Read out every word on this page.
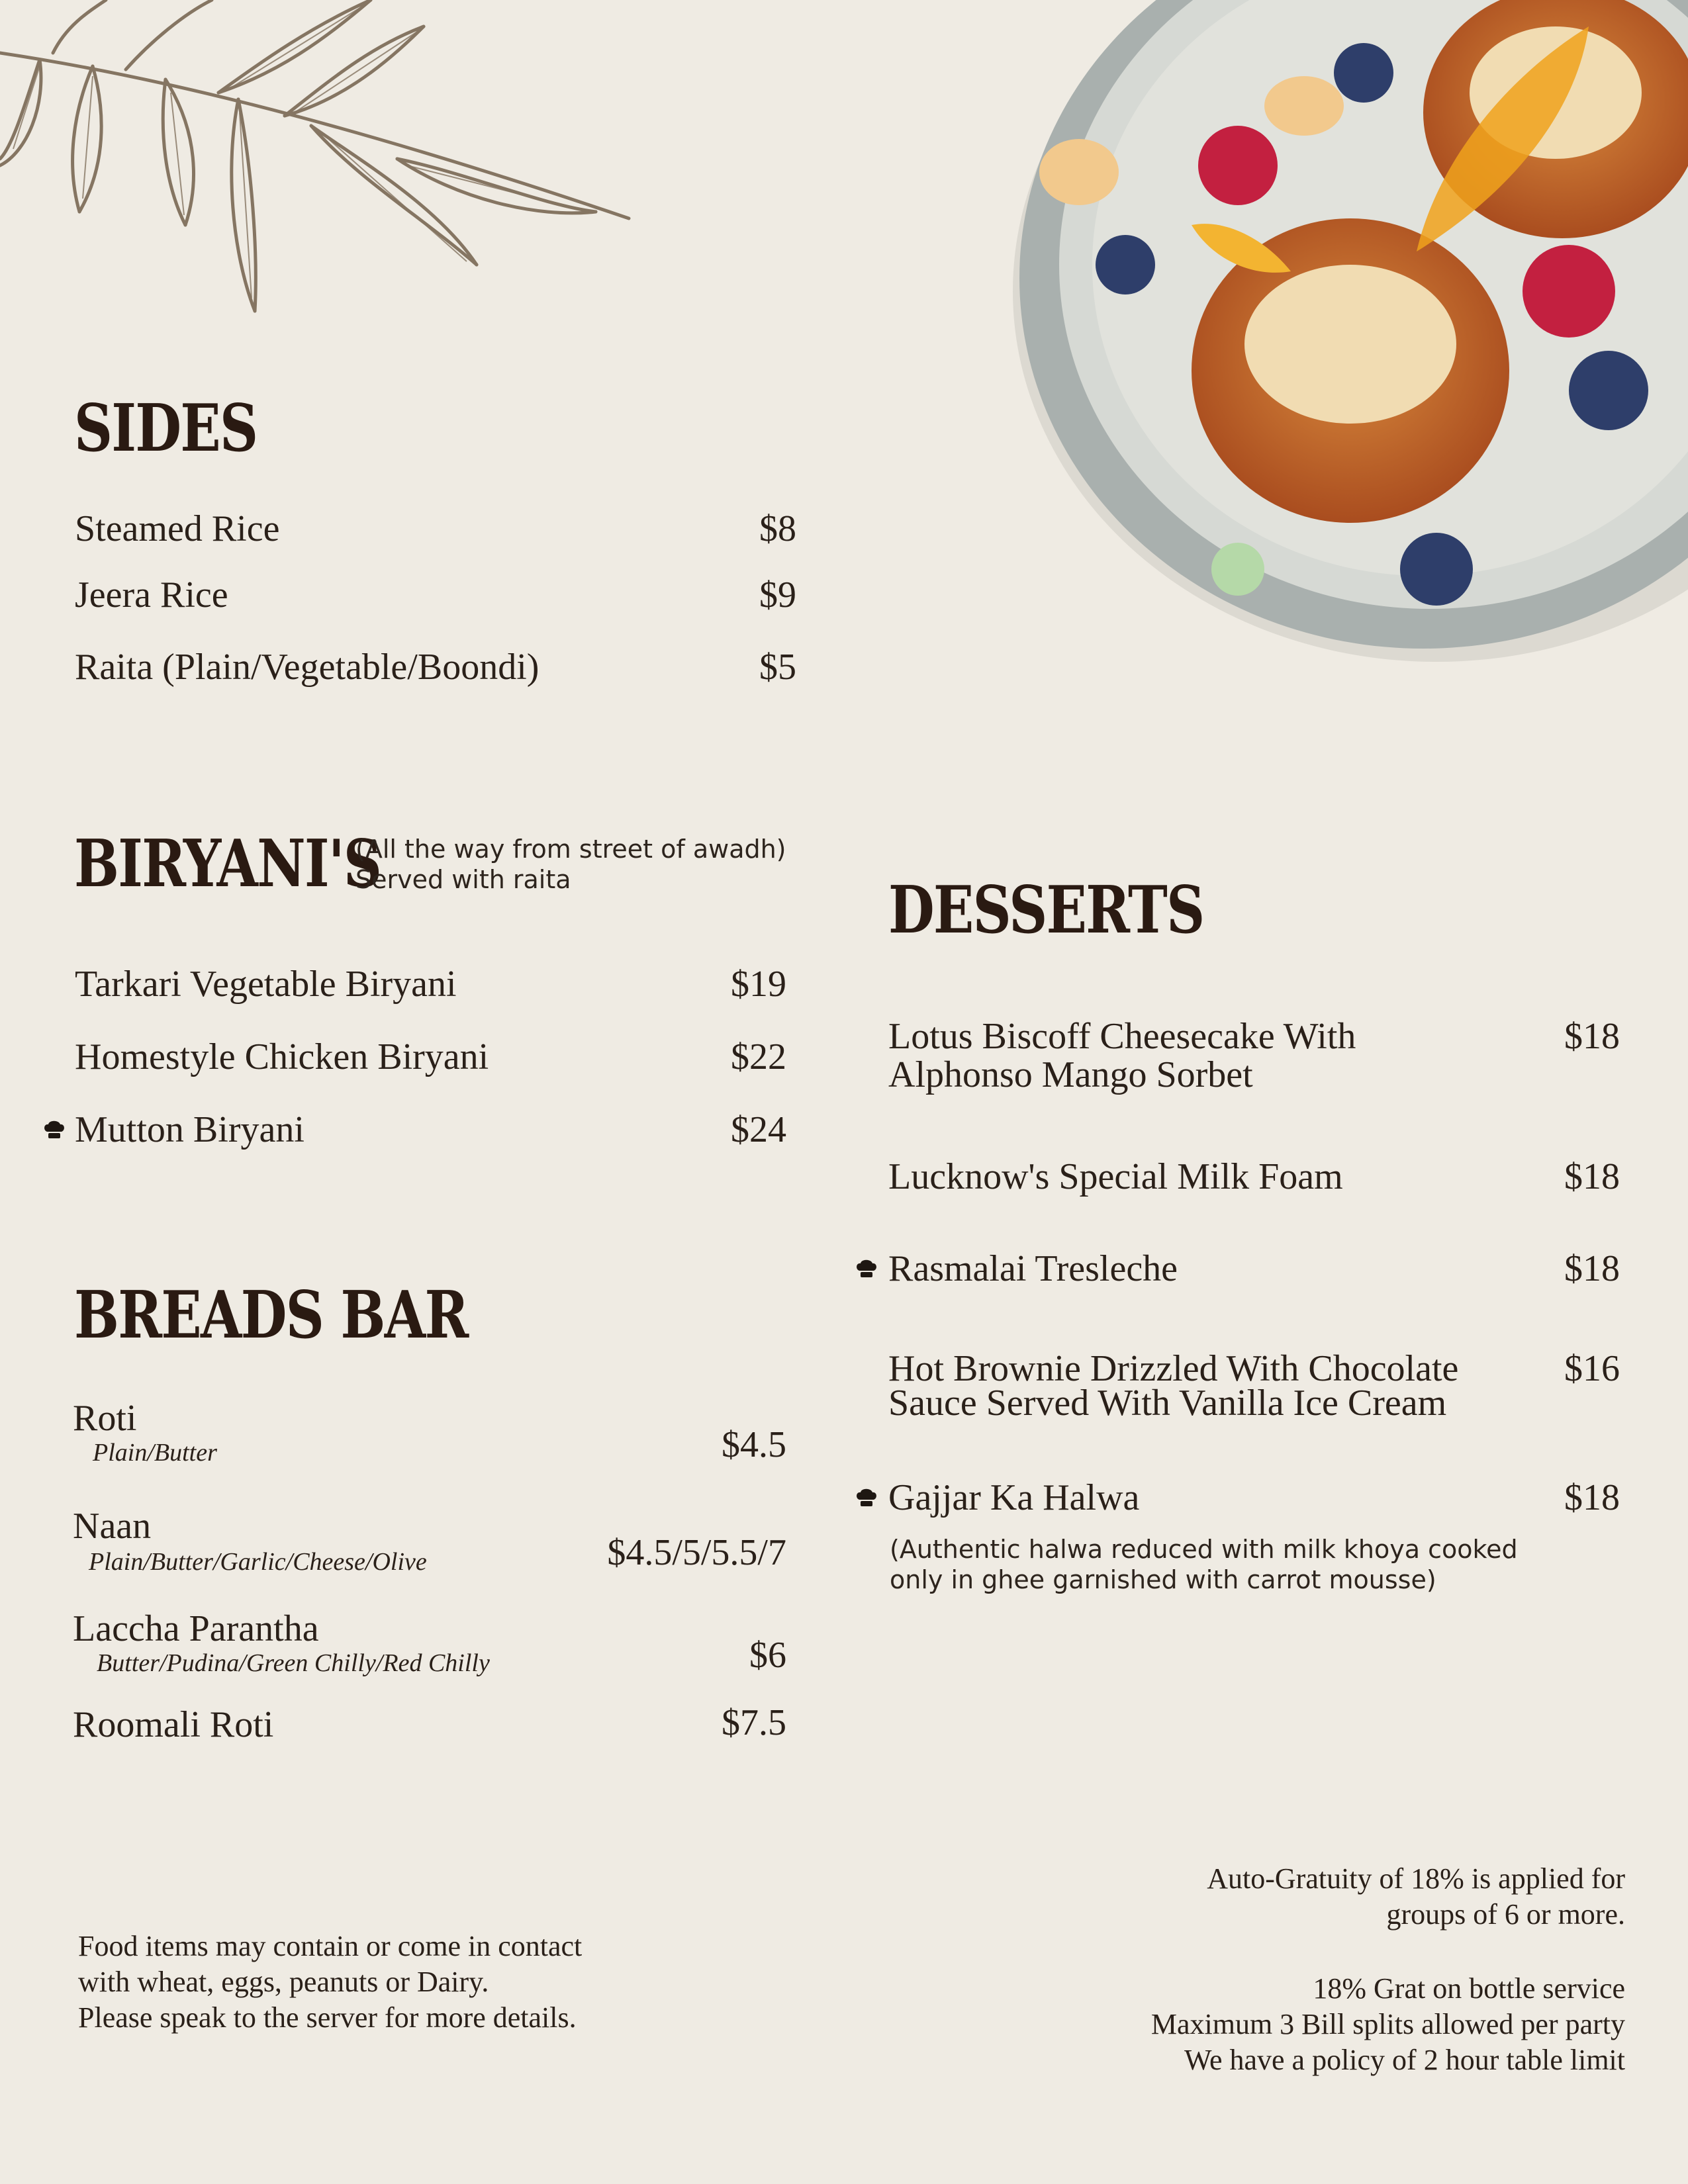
SIDES
Steamed Rice	$8
Jeera Rice	$9
Raita (Plain/Vegetable/Boondi)	$5
BIRYANI'S
(All the way from street of awadh)
Served with raita
Tarkari Vegetable Biryani	$19
Homestyle Chicken Biryani	$22
Mutton Biryani	$24
BREADS BAR
Roti
Plain/Butter	$4.5
Naan
Plain/Butter/Garlic/Cheese/Olive	$4.5/5/5.5/7
Laccha Parantha
Butter/Pudina/Green Chilly/Red Chilly	$6
Roomali Roti	$7.5
DESSERTS
Lotus Biscoff Cheesecake With
Alphonso Mango Sorbet
$18
Lucknow's Special Milk Foam	$18
Rasmalai Tresleche	$18
Hot Brownie Drizzled With Chocolate
Sauce Served With Vanilla Ice Cream
$16
Gajjar Ka Halwa	$18
(Authentic halwa reduced with milk khoya cooked
only in ghee garnished with carrot mousse)
Food items may contain or come in contact
with wheat, eggs, peanuts or Dairy.
Please speak to the server for more details.
Auto-Gratuity of 18% is applied for
groups of 6 or more.
18% Grat on bottle service
Maximum 3 Bill splits allowed per party
We have a policy of 2 hour table limit
